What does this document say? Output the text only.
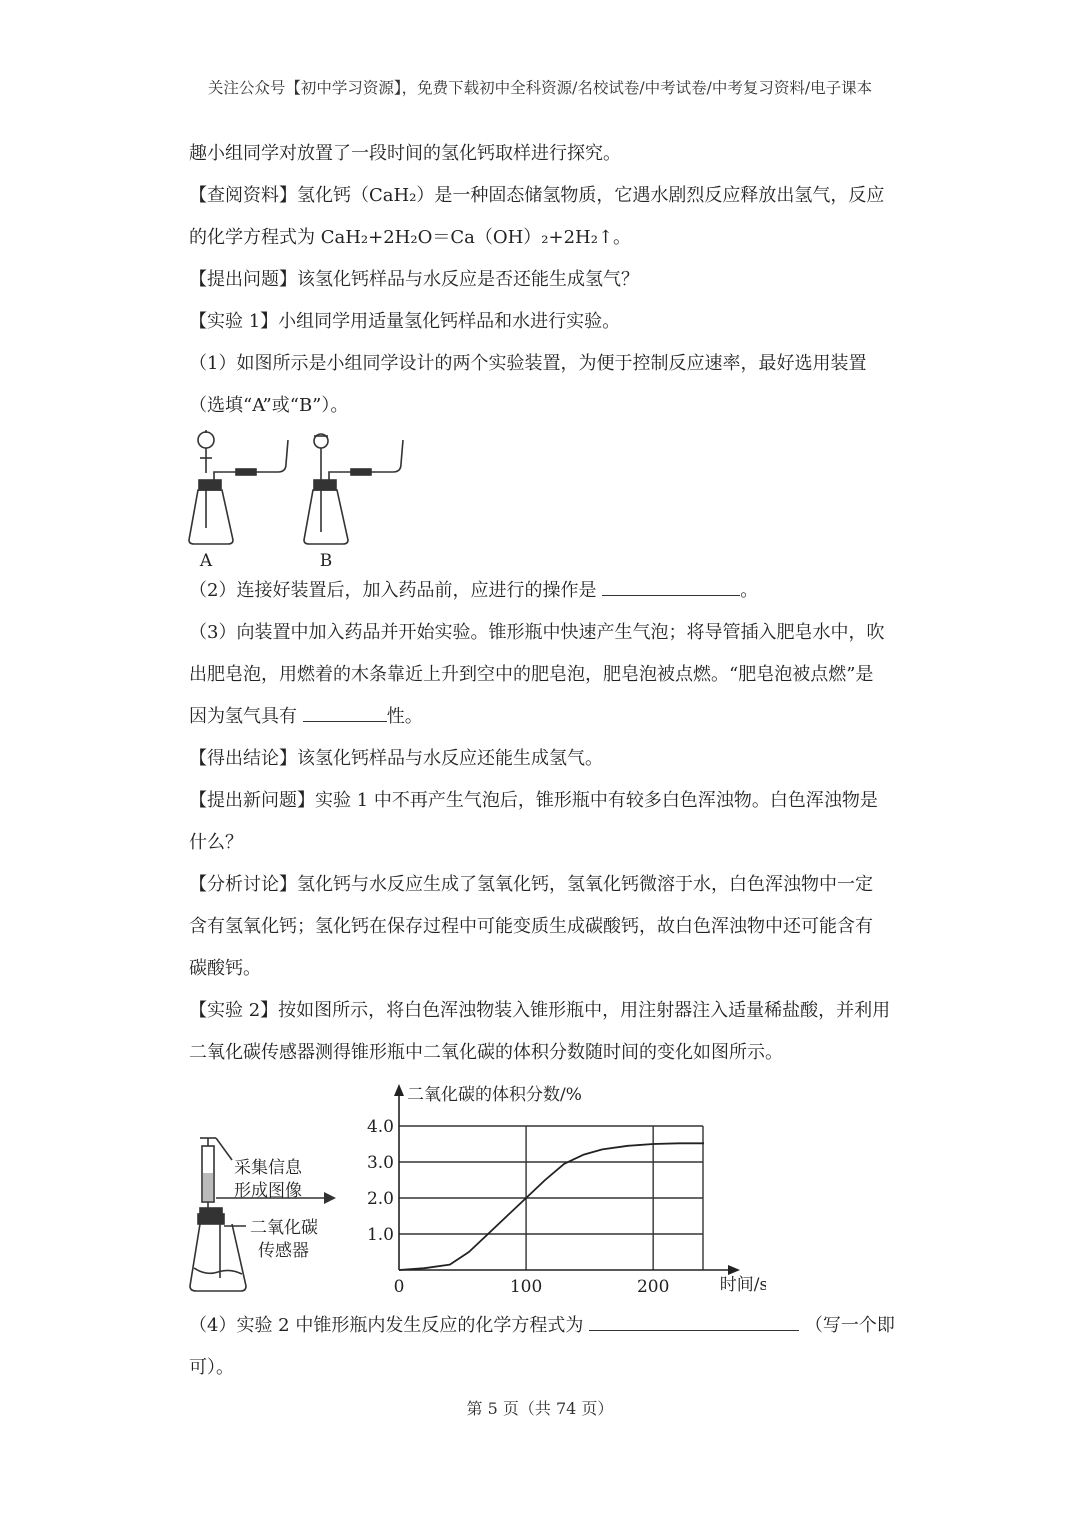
关注公众号【初中学习资源】，免费下载初中全科资源/名校试卷/中考试卷/中考复习资料/电子课本

趣小组同学对放置了一段时间的氢化钙取样进行探究。

【查阅资料】氢化钙（CaH₂）是一种固态储氢物质，它遇水剧烈反应释放出氢气，反应

的化学方程式为 CaH₂+2H₂O＝Ca（OH）₂+2H₂↑。

【提出问题】该氢化钙样品与水反应是否还能生成氢气？

【实验 1】小组同学用适量氢化钙样品和水进行实验。

（1）如图所示是小组同学设计的两个实验装置，为便于控制反应速率，最好选用装置

（选填“A”或“B”）。

A	B

（2）连接好装置后，加入药品前，应进行的操作是	。

（3）向装置中加入药品并开始实验。锥形瓶中快速产生气泡；将导管插入肥皂水中，吹

出肥皂泡，用燃着的木条靠近上升到空中的肥皂泡，肥皂泡被点燃。“肥皂泡被点燃”是

因为氢气具有	性。

【得出结论】该氢化钙样品与水反应还能生成氢气。

【提出新问题】实验 1 中不再产生气泡后，锥形瓶中有较多白色浑浊物。白色浑浊物是

什么？

【分析讨论】氢化钙与水反应生成了氢氧化钙，氢氧化钙微溶于水，白色浑浊物中一定

含有氢氧化钙；氢化钙在保存过程中可能变质生成碳酸钙，故白色浑浊物中还可能含有

碳酸钙。

【实验 2】按如图所示，将白色浑浊物装入锥形瓶中，用注射器注入适量稀盐酸，并利用

二氧化碳传感器测得锥形瓶中二氧化碳的体积分数随时间的变化如图所示。

采集信息
形成图像
二氧化碳
传感器
1.0
2.0
3.0
4.0
0	100	200
二氧化碳的体积分数/%
时间/s

（4）实验 2 中锥形瓶内发生反应的化学方程式为	（写一个即

可）。

第 5 页（共 74 页）
